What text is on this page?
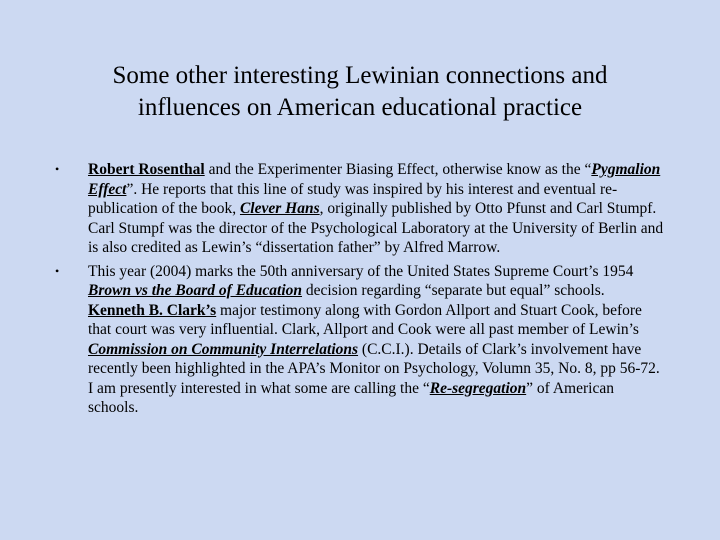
Some other interesting Lewinian connections and
influences on American educational practice
•	Robert Rosenthal and the Experimenter Biasing Effect, otherwise know as the “Pygmalion Effect”. He reports that this line of study was inspired by his interest and eventual re-publication of the book, Clever Hans, originally published by Otto Pfunst and Carl Stumpf. Carl Stumpf was the director of the Psychological Laboratory at the University of Berlin and is also credited as Lewin’s “dissertation father” by Alfred Marrow.
•	This year (2004) marks the 50th anniversary of the United States Supreme Court’s 1954 Brown vs the Board of Education decision regarding “separate but equal” schools. Kenneth B. Clark’s major testimony along with Gordon Allport and Stuart Cook, before that court was very influential. Clark, Allport and Cook were all past member of Lewin’s Commission on Community Interrelations (C.C.I.). Details of Clark’s involvement have recently been highlighted in the APA’s Monitor on Psychology, Volumn 35, No. 8, pp 56-72. I am presently interested in what some are calling the “Re-segregation” of American schools.
